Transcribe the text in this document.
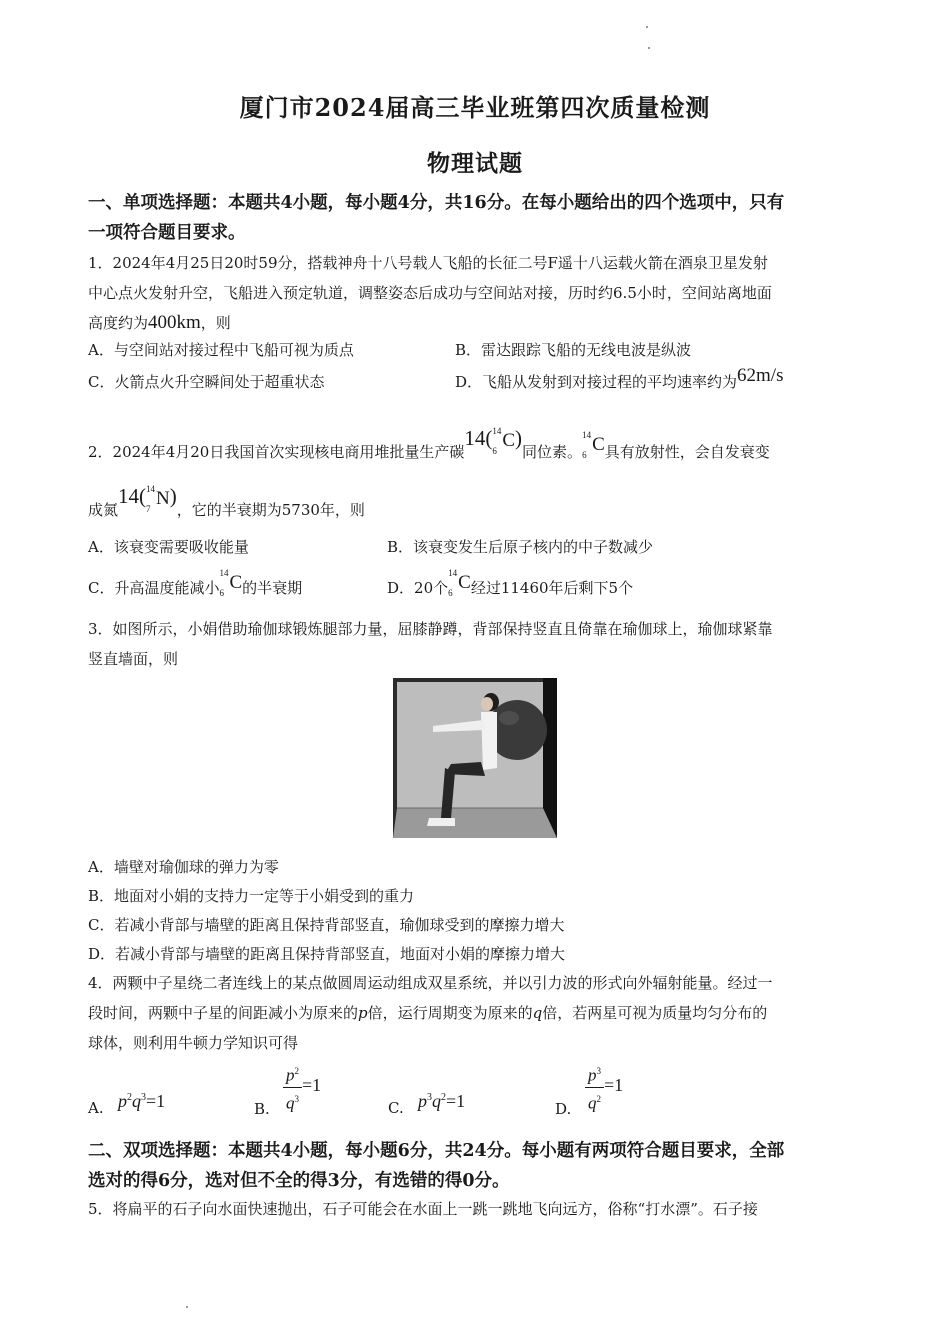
厦门市2024届高三毕业班第四次质量检测
物理试题
一、单项选择题：本题共4小题，每小题4分，共16分。在每小题给出的四个选项中，只有
一项符合题目要求。
1．2024年4月25日20时59分，搭载神舟十八号载人飞船的长征二号F遥十八运载火箭在酒泉卫星发射
中心点火发射升空，飞船进入预定轨道，调整姿态后成功与空间站对接，历时约6.5小时，空间站离地面
高度约为400km，则
A．与空间站对接过程中飞船可视为质点	B．雷达跟踪飞船的无线电波是纵波
C．火箭点火升空瞬间处于超重状态	D．飞船从发射到对接过程的平均速率约为62m/s
2．2024年4月20日我国首次实现核电商用堆批量生产碳14( 14
6 C)同位素。
14
6 C具有放射性，会自发衰变
成氮14( 14
7 N)，它的半衰期为5730年，则
A．该衰变需要吸收能量	B．该衰变发生后原子核内的中子数减少
C．升高温度能减小
14
6 C的半衰期	D．20个
14
6 C经过11460年后剩下5个
3．如图所示，小娟借助瑜伽球锻炼腿部力量，屈膝静蹲，背部保持竖直且倚靠在瑜伽球上，瑜伽球紧靠
竖直墙面，则
A．墙壁对瑜伽球的弹力为零
B．地面对小娟的支持力一定等于小娟受到的重力
C．若减小背部与墙壁的距离且保持背部竖直，瑜伽球受到的摩擦力增大
D．若减小背部与墙壁的距离且保持背部竖直，地面对小娟的摩擦力增大
4．两颗中子星绕二者连线上的某点做圆周运动组成双星系统，并以引力波的形式向外辐射能量。经过一
段时间，两颗中子星的间距减小为原来的p倍，运行周期变为原来的q倍，若两星可视为质量均匀分布的
球体，则利用牛顿力学知识可得
A. $p^2q^3=1$	B. $\frac{p^2}{q^3} =1$
C. $p^3q^2=1$	D. $\frac{p^3}{q^2} =1$
二、双项选择题：本题共4小题，每小题6分，共24分。每小题有两项符合题目要求，全部
选对的得6分，选对但不全的得3分，有选错的得0分。
5．将扁平的石子向水面快速抛出，石子可能会在水面上一跳一跳地飞向远方，俗称“打水漂”。石子接
